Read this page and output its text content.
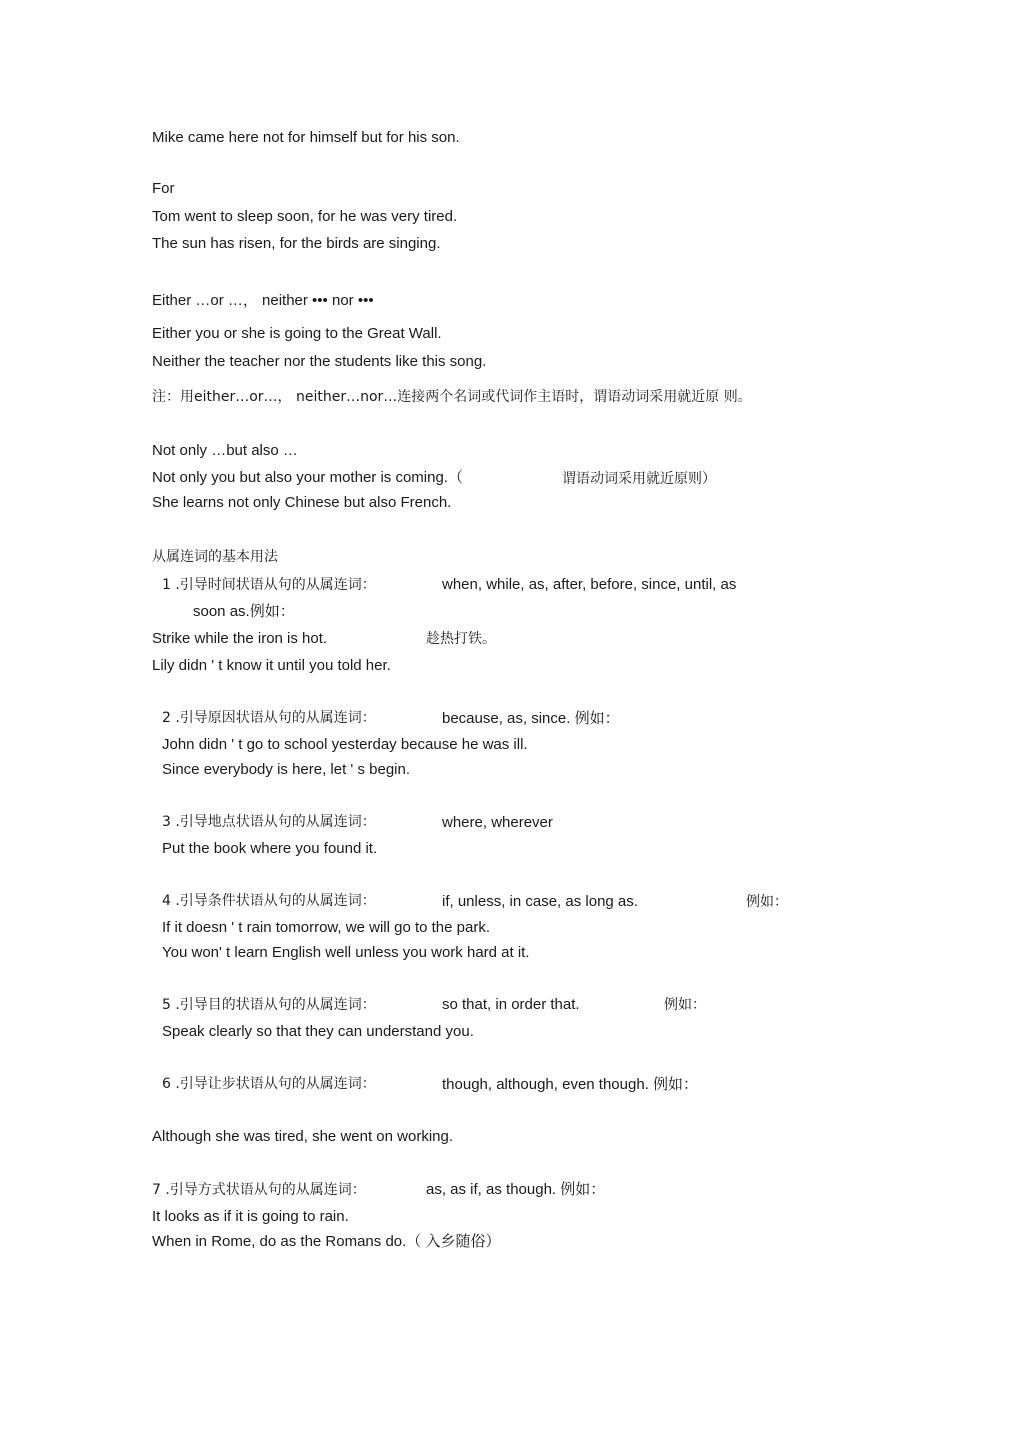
Mike came here not for himself but for his son.
For
Tom went to sleep soon, for he was very tired.
The sun has risen, for the birds are singing.
Either …or …， neither ••• nor •••
Either you or she is going to the Great Wall.
Neither the teacher nor the students like this song.
注：用either…or…， neither…nor…连接两个名词或代词作主语时，谓语动词采用就近原 则。
Not only …but also …
Not only you but also your mother is coming.（	谓语动词采用就近原则）
She learns not only Chinese but also French.
从属连词的基本用法
1 .引导时间状语从句的从属连词：	when, while, as, after, before, since, until, as
soon as.例如：
Strike while the iron is hot.	趁热打铁。
Lily didn ' t know it until you told her.
2 .引导原因状语从句的从属连词：	because, as, since. 例如：
John didn ' t go to school yesterday because he was ill.
Since everybody is here, let ' s begin.
3 .引导地点状语从句的从属连词：	where, wherever
Put the book where you found it.
4 .引导条件状语从句的从属连词：	if, unless, in case, as long as.	例如：
If it doesn ' t rain tomorrow, we will go to the park.
You won' t learn English well unless you work hard at it.
5 .引导目的状语从句的从属连词：	so that, in order that.	例如：
Speak clearly so that they can understand you.
6 .引导让步状语从句的从属连词：	though, although, even though. 例如：
Although she was tired, she went on working.
7 .引导方式状语从句的从属连词：	as, as if, as though. 例如：
It looks as if it is going to rain.
When in Rome, do as the Romans do.（ 入乡随俗）
